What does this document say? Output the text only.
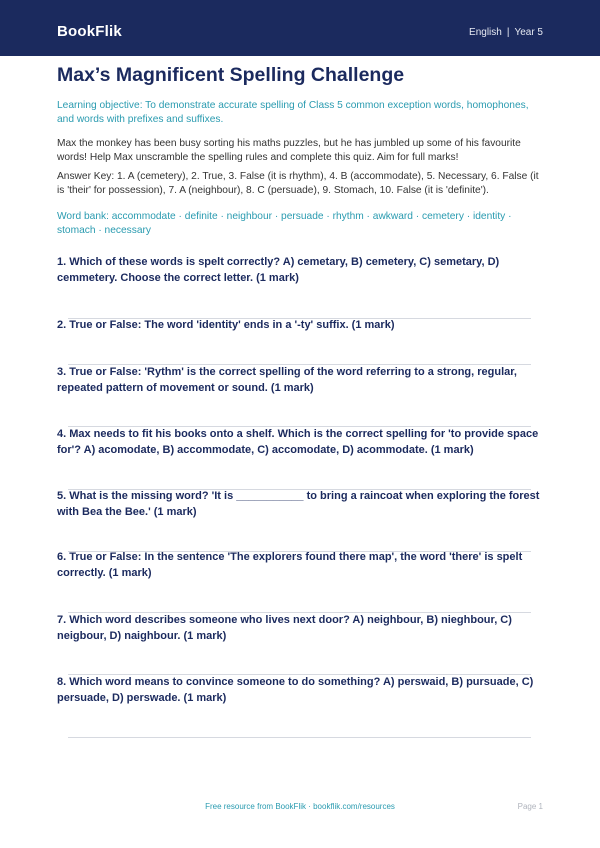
BookFlik	English | Year 5
Max’s Magnificent Spelling Challenge
Learning objective: To demonstrate accurate spelling of Class 5 common exception words, homophones, and words with prefixes and suffixes.
Max the monkey has been busy sorting his maths puzzles, but he has jumbled up some of his favourite words! Help Max unscramble the spelling rules and complete this quiz. Aim for full marks!
Answer Key: 1. A (cemetery), 2. True, 3. False (it is rhythm), 4. B (accommodate), 5. Necessary, 6. False (it is 'their' for possession), 7. A (neighbour), 8. C (persuade), 9. Stomach, 10. False (it is 'definite').
Word bank: accommodate · definite · neighbour · persuade · rhythm · awkward · cemetery · identity · stomach · necessary
1. Which of these words is spelt correctly? A) cemetary, B) cemetery, C) semetary, D) cemmetery. Choose the correct letter. (1 mark)
2. True or False: The word 'identity' ends in a '-ty' suffix. (1 mark)
3. True or False: 'Rythm' is the correct spelling of the word referring to a strong, regular, repeated pattern of movement or sound. (1 mark)
4. Max needs to fit his books onto a shelf. Which is the correct spelling for 'to provide space for'? A) acomodate, B) accommodate, C) accomodate, D) acommodate. (1 mark)
5. What is the missing word? 'It is ___________ to bring a raincoat when exploring the forest with Bea the Bee.' (1 mark)
6. True or False: In the sentence 'The explorers found there map', the word 'there' is spelt correctly. (1 mark)
7. Which word describes someone who lives next door? A) neighbour, B) nieghbour, C) neigbour, D) naighbour. (1 mark)
8. Which word means to convince someone to do something? A) perswaid, B) pursuade, C) persuade, D) perswade. (1 mark)
Free resource from BookFlik · bookflik.com/resources	Page 1
